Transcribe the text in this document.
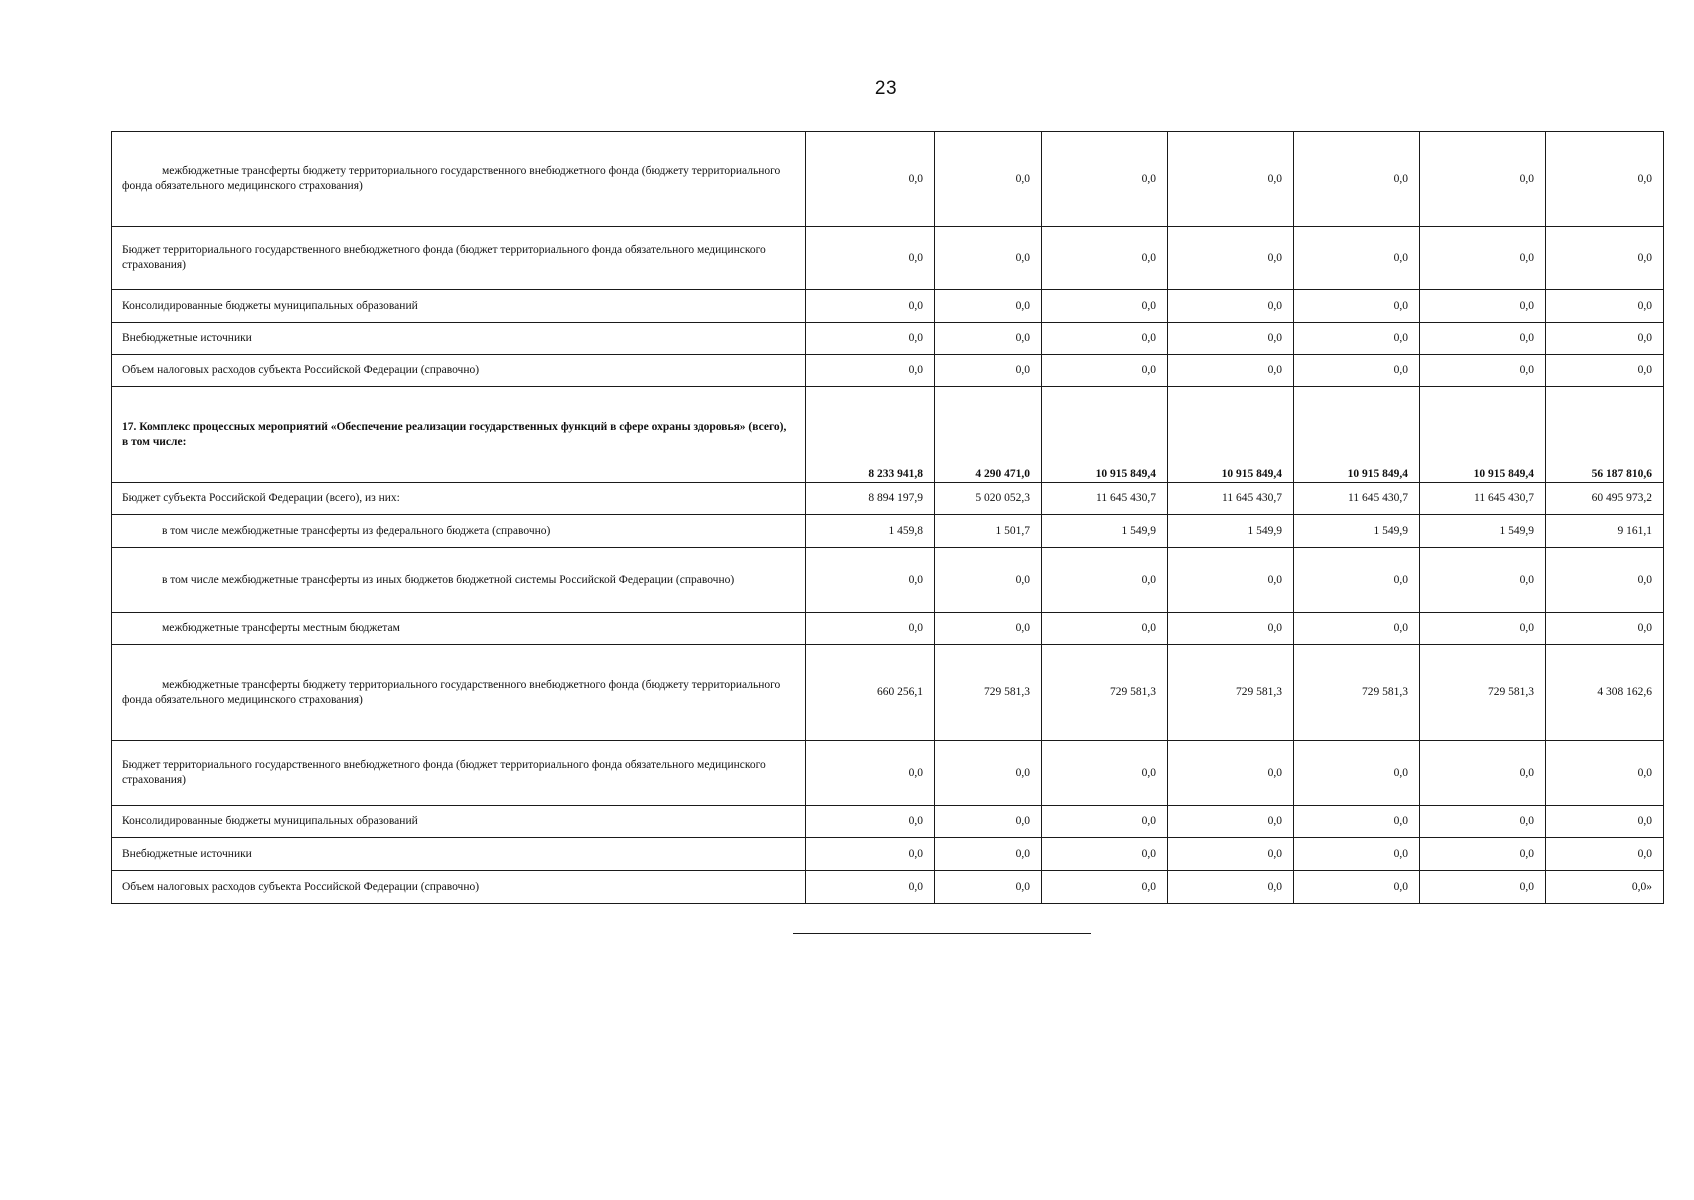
23
межбюджетные трансферты бюджету территориального государственного внебюджетного фонда (бюджету территориального фонда обязательного медицинского страхования)	0,0	0,0	0,0	0,0	0,0	0,0	0,0
Бюджет территориального государственного внебюджетного фонда (бюджет территориального фонда обязательного медицинского страхования)	0,0	0,0	0,0	0,0	0,0	0,0	0,0
Консолидированные бюджеты муниципальных образований	0,0	0,0	0,0	0,0	0,0	0,0	0,0
Внебюджетные источники	0,0	0,0	0,0	0,0	0,0	0,0	0,0
Объем налоговых расходов субъекта Российской Федерации (справочно)	0,0	0,0	0,0	0,0	0,0	0,0	0,0
17. Комплекс процессных мероприятий «Обеспечение реализации государственных функций в сфере охраны здоровья» (всего), в том числе:	8 233 941,8	4 290 471,0	10 915 849,4	10 915 849,4	10 915 849,4	10 915 849,4	56 187 810,6
Бюджет субъекта Российской Федерации (всего), из них:	8 894 197,9	5 020 052,3	11 645 430,7	11 645 430,7	11 645 430,7	11 645 430,7	60 495 973,2
в том числе межбюджетные трансферты из федерального бюджета (справочно)	1 459,8	1 501,7	1 549,9	1 549,9	1 549,9	1 549,9	9 161,1
в том числе межбюджетные трансферты из иных бюджетов бюджетной системы Российской Федерации (справочно)	0,0	0,0	0,0	0,0	0,0	0,0	0,0
межбюджетные трансферты местным бюджетам	0,0	0,0	0,0	0,0	0,0	0,0	0,0
межбюджетные трансферты бюджету территориального государственного внебюджетного фонда (бюджету территориального фонда обязательного медицинского страхования)	660 256,1	729 581,3	729 581,3	729 581,3	729 581,3	729 581,3	4 308 162,6
Бюджет территориального государственного внебюджетного фонда (бюджет территориального фонда обязательного медицинского страхования)	0,0	0,0	0,0	0,0	0,0	0,0	0,0
Консолидированные бюджеты муниципальных образований	0,0	0,0	0,0	0,0	0,0	0,0	0,0
Внебюджетные источники	0,0	0,0	0,0	0,0	0,0	0,0	0,0
Объем налоговых расходов субъекта Российской Федерации (справочно)	0,0	0,0	0,0	0,0	0,0	0,0	0,0»
